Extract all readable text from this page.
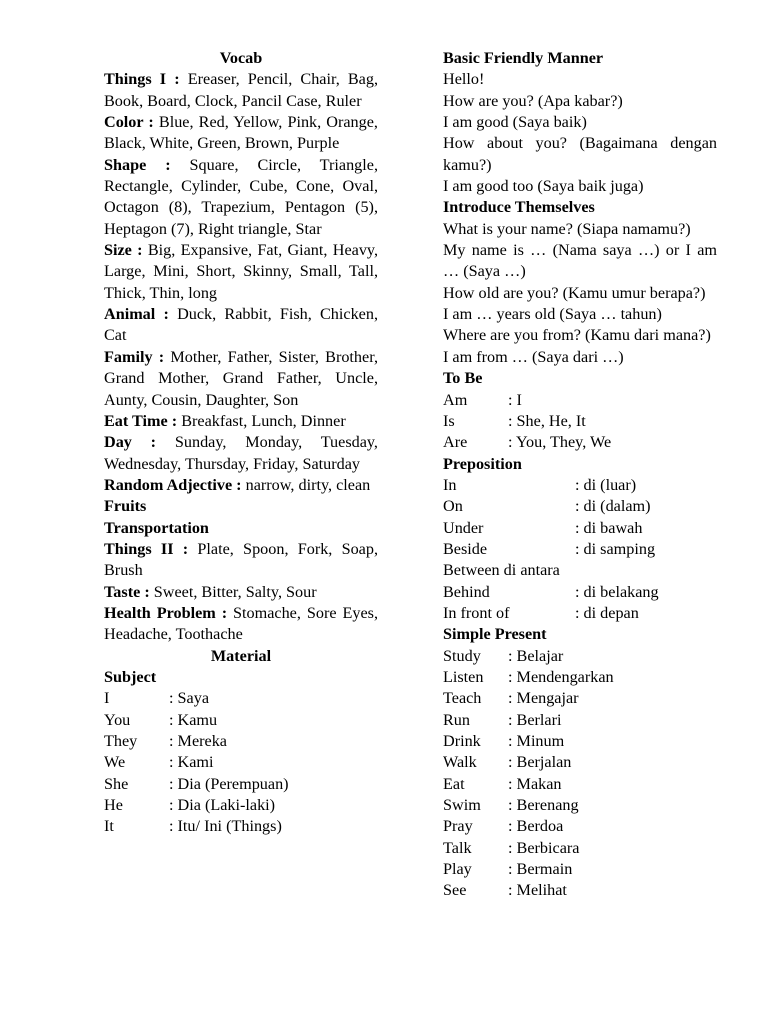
Vocab
Things I : Ereaser, Pencil, Chair, Bag, Book, Board, Clock, Pancil Case, Ruler
Color : Blue, Red, Yellow, Pink, Orange, Black, White, Green, Brown, Purple
Shape : Square, Circle, Triangle, Rectangle, Cylinder, Cube, Cone, Oval, Octagon (8), Trapezium, Pentagon (5), Heptagon (7), Right triangle, Star
Size : Big, Expansive, Fat, Giant, Heavy, Large, Mini, Short, Skinny, Small, Tall, Thick, Thin, long
Animal : Duck, Rabbit, Fish, Chicken, Cat
Family : Mother, Father, Sister, Brother, Grand Mother, Grand Father, Uncle, Aunty, Cousin, Daughter, Son
Eat Time : Breakfast, Lunch, Dinner
Day : Sunday, Monday, Tuesday, Wednesday, Thursday, Friday, Saturday
Random Adjective : narrow, dirty, clean
Fruits
Transportation
Things II : Plate, Spoon, Fork, Soap, Brush
Taste : Sweet, Bitter, Salty, Sour
Health Problem : Stomache, Sore Eyes, Headache, Toothache
Material
Subject
I	: Saya
You	: Kamu
They	: Mereka
We	: Kami
She	: Dia (Perempuan)
He	: Dia (Laki-laki)
It	: Itu/ Ini (Things)
Basic Friendly Manner
Hello!
How are you? (Apa kabar?)
I am good (Saya baik)
How about you? (Bagaimana dengan kamu?)
I am good too (Saya baik juga)
Introduce Themselves
What is your name? (Siapa namamu?)
My name is … (Nama saya …) or I am … (Saya …)
How old are you? (Kamu umur berapa?)
I am … years old (Saya … tahun)
Where are you from? (Kamu dari mana?)
I am from … (Saya dari …)
To Be
Am	: I
Is	: She, He, It
Are	: You, They, We
Preposition
In	: di (luar)
On	: di (dalam)
Under	: di bawah
Beside	: di samping
Between di antara
Behind	: di belakang
In front of	: di depan
Simple Present
Study	: Belajar
Listen	: Mendengarkan
Teach	: Mengajar
Run	: Berlari
Drink	: Minum
Walk	: Berjalan
Eat	: Makan
Swim	: Berenang
Pray	: Berdoa
Talk	: Berbicara
Play	: Bermain
See	: Melihat
